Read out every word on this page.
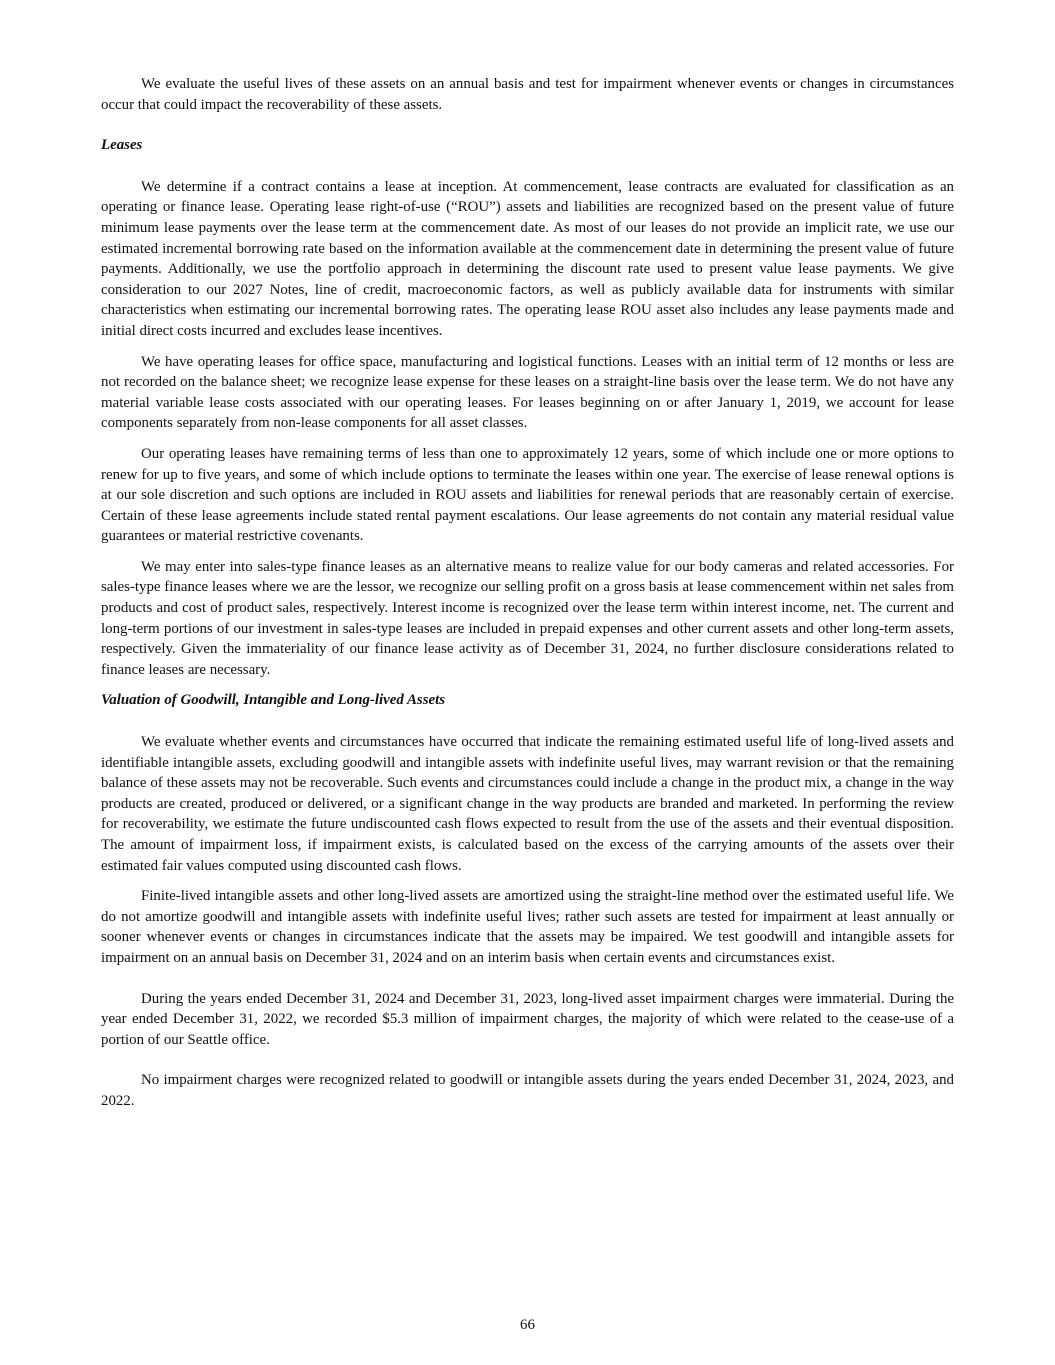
We evaluate the useful lives of these assets on an annual basis and test for impairment whenever events or changes in circumstances occur that could impact the recoverability of these assets.

Leases

We determine if a contract contains a lease at inception. At commencement, lease contracts are evaluated for classification as an operating or finance lease. Operating lease right-of-use (“ROU”) assets and liabilities are recognized based on the present value of future minimum lease payments over the lease term at the commencement date. As most of our leases do not provide an implicit rate, we use our estimated incremental borrowing rate based on the information available at the commencement date in determining the present value of future payments. Additionally, we use the portfolio approach in determining the discount rate used to present value lease payments. We give consideration to our 2027 Notes, line of credit, macroeconomic factors, as well as publicly available data for instruments with similar characteristics when estimating our incremental borrowing rates. The operating lease ROU asset also includes any lease payments made and initial direct costs incurred and excludes lease incentives.

We have operating leases for office space, manufacturing and logistical functions. Leases with an initial term of 12 months or less are not recorded on the balance sheet; we recognize lease expense for these leases on a straight-line basis over the lease term. We do not have any material variable lease costs associated with our operating leases. For leases beginning on or after January 1, 2019, we account for lease components separately from non-lease components for all asset classes.

Our operating leases have remaining terms of less than one to approximately 12 years, some of which include one or more options to renew for up to five years, and some of which include options to terminate the leases within one year. The exercise of lease renewal options is at our sole discretion and such options are included in ROU assets and liabilities for renewal periods that are reasonably certain of exercise. Certain of these lease agreements include stated rental payment escalations. Our lease agreements do not contain any material residual value guarantees or material restrictive covenants.

We may enter into sales-type finance leases as an alternative means to realize value for our body cameras and related accessories. For sales-type finance leases where we are the lessor, we recognize our selling profit on a gross basis at lease commencement within net sales from products and cost of product sales, respectively. Interest income is recognized over the lease term within interest income, net. The current and long-term portions of our investment in sales-type leases are included in prepaid expenses and other current assets and other long-term assets, respectively. Given the immateriality of our finance lease activity as of December 31, 2024, no further disclosure considerations related to finance leases are necessary.

Valuation of Goodwill, Intangible and Long-lived Assets

We evaluate whether events and circumstances have occurred that indicate the remaining estimated useful life of long-lived assets and identifiable intangible assets, excluding goodwill and intangible assets with indefinite useful lives, may warrant revision or that the remaining balance of these assets may not be recoverable. Such events and circumstances could include a change in the product mix, a change in the way products are created, produced or delivered, or a significant change in the way products are branded and marketed. In performing the review for recoverability, we estimate the future undiscounted cash flows expected to result from the use of the assets and their eventual disposition. The amount of impairment loss, if impairment exists, is calculated based on the excess of the carrying amounts of the assets over their estimated fair values computed using discounted cash flows.

Finite-lived intangible assets and other long-lived assets are amortized using the straight-line method over the estimated useful life. We do not amortize goodwill and intangible assets with indefinite useful lives; rather such assets are tested for impairment at least annually or sooner whenever events or changes in circumstances indicate that the assets may be impaired. We test goodwill and intangible assets for impairment on an annual basis on December 31, 2024 and on an interim basis when certain events and circumstances exist.

During the years ended December 31, 2024 and December 31, 2023, long-lived asset impairment charges were immaterial. During the year ended December 31, 2022, we recorded $5.3 million of impairment charges, the majority of which were related to the cease-use of a portion of our Seattle office.

No impairment charges were recognized related to goodwill or intangible assets during the years ended December 31, 2024, 2023, and 2022.

66
